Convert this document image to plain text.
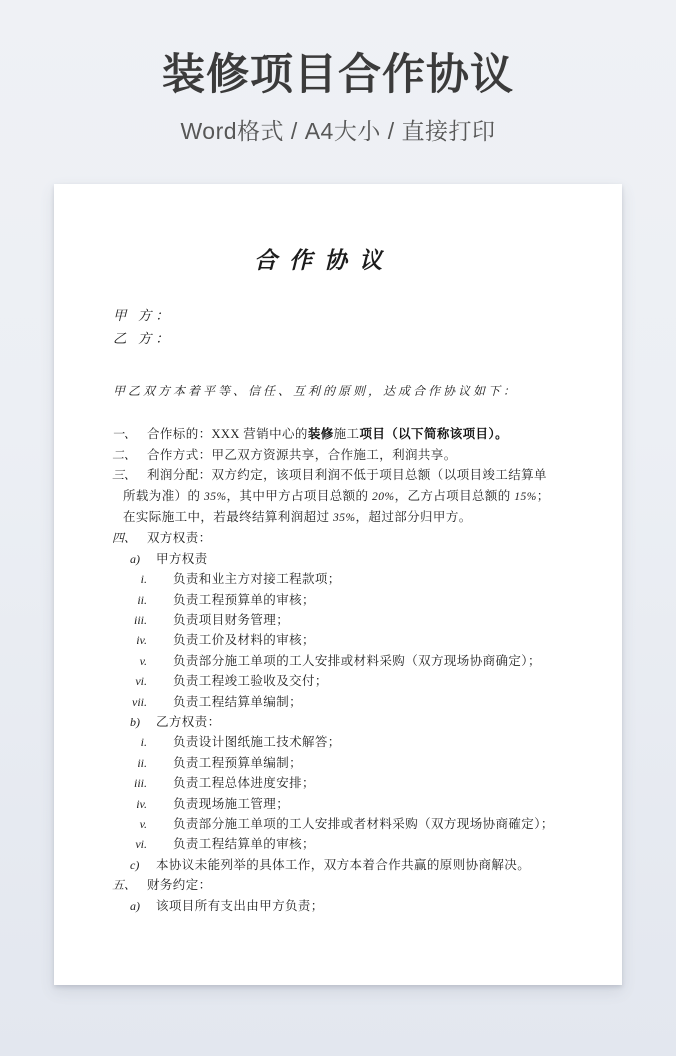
装修项目合作协议
Word格式 / A4大小 / 直接打印
合作协议
甲 方：
乙 方：
甲乙双方本着平等、信任、互利的原则，达成合作协议如下：
一、 合作标的：XXX 营销中心的装修施工项目（以下简称该项目）。
二、 合作方式：甲乙双方资源共享，合作施工，利润共享。
三、 利润分配：双方约定，该项目利润不低于项目总额（以项目竣工结算单
所载为准）的 35%，其中甲方占项目总额的 20%，乙方占项目总额的 15%；
在实际施工中，若最终结算利润超过 35%，超过部分归甲方。
四、 双方权责：
a)	甲方权责
i. 负责和业主方对接工程款项；
ii. 负责工程预算单的审核；
iii. 负责项目财务管理；
iv. 负责工价及材料的审核；
v. 负责部分施工单项的工人安排或材料采购（双方现场协商确定）；
vi. 负责工程竣工验收及交付；
vii. 负责工程结算单编制；
b)	乙方权责：
i. 负责设计图纸施工技术解答；
ii. 负责工程预算单编制；
iii. 负责工程总体进度安排；
iv. 负责现场施工管理；
v. 负责部分施工单项的工人安排或者材料采购（双方现场协商確定）；
vi. 负责工程结算单的审核；
c)	本协议未能列举的具体工作，双方本着合作共赢的原则协商解决。
五、 财务约定：
a)	该项目所有支出由甲方负责；
